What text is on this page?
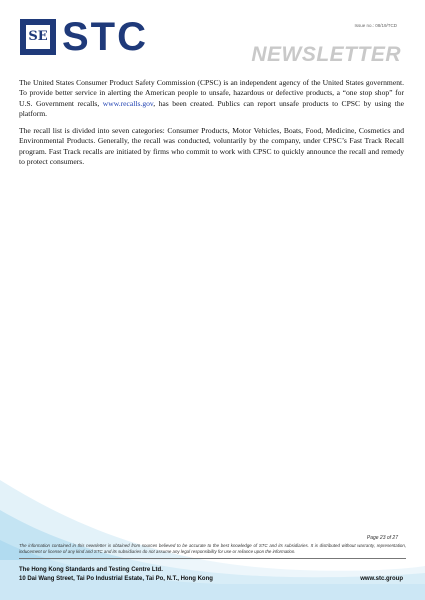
SE STC	Issue no.: 08/19/TCD
NEWSLETTER

The United States Consumer Product Safety Commission (CPSC) is an independent agency of the United States government. To provide better service in alerting the American people to unsafe, hazardous or defective products, a “one stop shop” for U.S. Government recalls, www.recalls.gov, has been created. Publics can report unsafe products to CPSC by using the platform.

The recall list is divided into seven categories: Consumer Products, Motor Vehicles, Boats, Food, Medicine, Cosmetics and Environmental Products. Generally, the recall was conducted, voluntarily by the company, under CPSC’s Fast Track Recall program. Fast Track recalls are initiated by firms who commit to work with CPSC to quickly announce the recall and remedy to protect consumers.

Page 23 of 27

The information contained in this newsletter is obtained from sources believed to be accurate to the best knowledge of STC and its subsidiaries. It is distributed without warranty, representation, inducement or license of any kind and STC and its subsidiaries do not assume any legal responsibility for use or reliance upon the information.

The Hong Kong Standards and Testing Centre Ltd.
10 Dai Wang Street, Tai Po Industrial Estate, Tai Po, N.T., Hong Kong	www.stc.group
